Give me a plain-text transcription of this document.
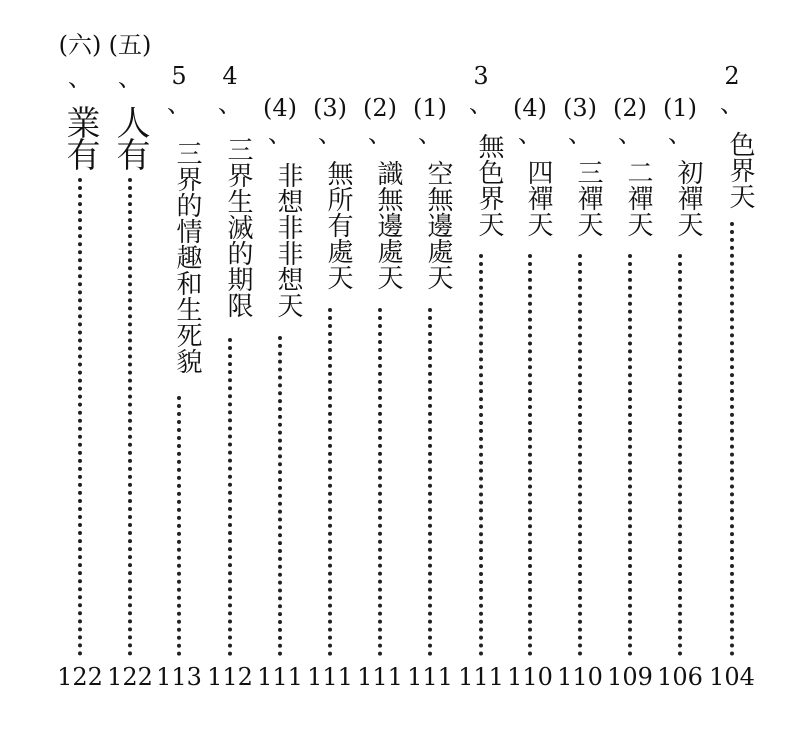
(六)
、
業有
122
(五)
、
人有
122
5
、
三界的情趣和生死貌
113
4
、
三界生滅的期限
112
(4)
、
非想非非想天
111
(3)
、
無所有處天
111
(2)
、
識無邊處天
111
(1)
、
空無邊處天
111
3
、
無色界天
111
(4)
、
四禪天
110
(3)
、
三禪天
110
(2)
、
二禪天
109
(1)
、
初禪天
106
2
、
色界天
104
